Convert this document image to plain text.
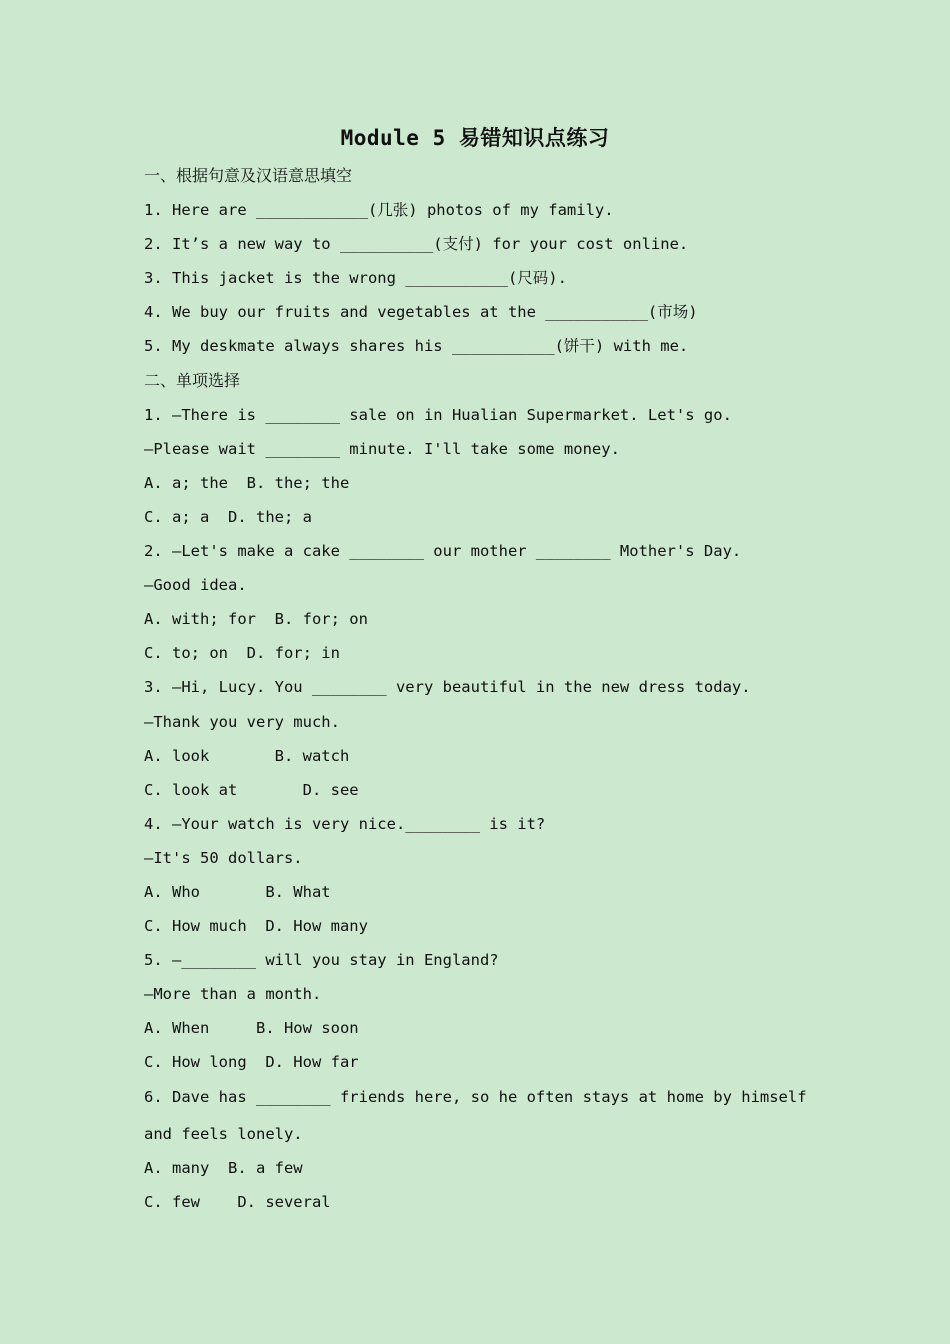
Module 5 易错知识点练习
一、根据句意及汉语意思填空
1. Here are ____________(几张) photos of my family.
2. It’s a new way to __________(支付) for your cost online.
3. This jacket is the wrong ___________(尺码).
4. We buy our fruits and vegetables at the ___________(市场)
5. My deskmate always shares his ___________(饼干) with me.
二、单项选择
1. —There is ________ sale on in Hualian Supermarket. Let's go.
—Please wait ________ minute. I'll take some money.
A. a; the  B. the; the
C. a; a  D. the; a
2. —Let's make a cake ________ our mother ________ Mother's Day.
—Good idea.
A. with; for  B. for; on
C. to; on  D. for; in
3. —Hi, Lucy. You ________ very beautiful in the new dress today.
—Thank you very much.
A. look       B. watch
C. look at       D. see
4. —Your watch is very nice.________ is it?
—It's 50 dollars.
A. Who       B. What
C. How much  D. How many
5. —________ will you stay in England?
—More than a month.
A. When     B. How soon
C. How long  D. How far
6. Dave has ________ friends here, so he often stays at home by himself
and feels lonely.
A. many  B. a few
C. few    D. several
